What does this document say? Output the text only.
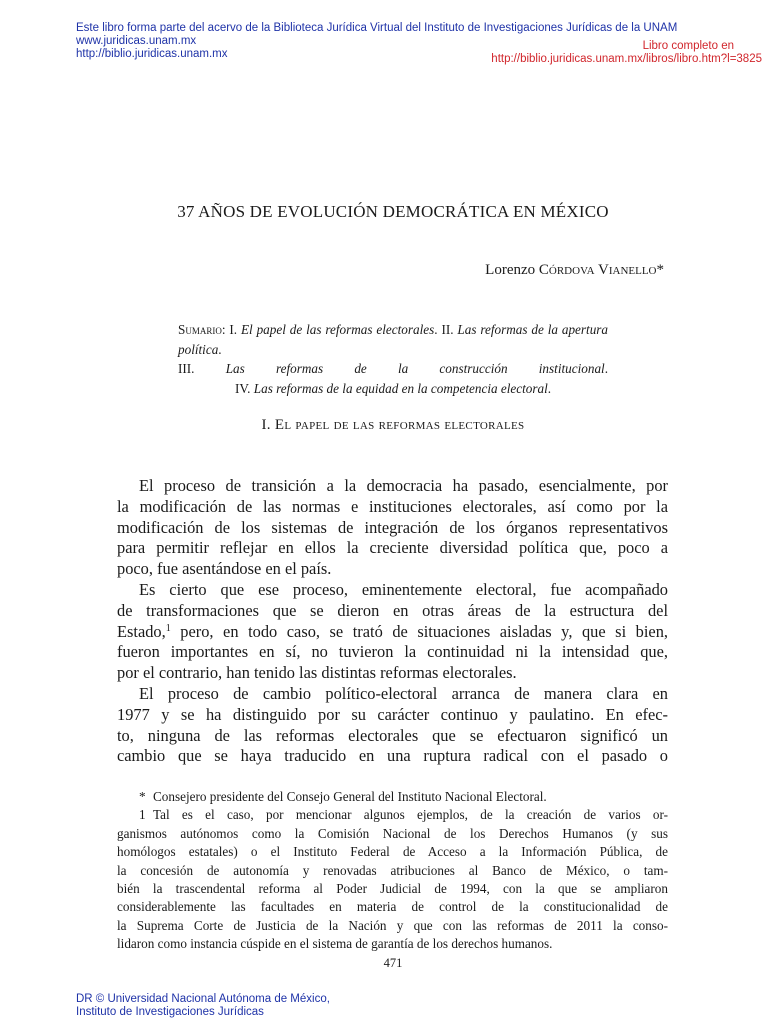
Este libro forma parte del acervo de la Biblioteca Jurídica Virtual del Instituto de Investigaciones Jurídicas de la UNAM
www.juridicas.unam.mx
http://biblio.juridicas.unam.mx
Libro completo en
http://biblio.juridicas.unam.mx/libros/libro.htm?l=3825
37 AÑOS DE EVOLUCIÓN DEMOCRÁTICA EN MÉXICO
Lorenzo Córdova Vianello*
Sumario: I. El papel de las reformas electorales. II. Las reformas de la apertura política.
III. Las reformas de la construcción institucional.
IV. Las reformas de la equidad en la competencia electoral.
I. El papel de las reformas electorales
El proceso de transición a la democracia ha pasado, esencialmente, por
la modificación de las normas e instituciones electorales, así como por la
modificación de los sistemas de integración de los órganos representativos
para permitir reflejar en ellos la creciente diversidad política que, poco a
poco, fue asentándose en el país.
Es cierto que ese proceso, eminentemente electoral, fue acompañado
de transformaciones que se dieron en otras áreas de la estructura del
Estado,$^1$ pero, en todo caso, se trató de situaciones aisladas y, que si bien,
fueron importantes en sí, no tuvieron la continuidad ni la intensidad que,
por el contrario, han tenido las distintas reformas electorales.
El proceso de cambio político-electoral arranca de manera clara en
1977 y se ha distinguido por su carácter continuo y paulatino. En efec-
to, ninguna de las reformas electorales que se efectuaron significó un
cambio que se haya traducido en una ruptura radical con el pasado o
* Consejero presidente del Consejo General del Instituto Nacional Electoral.
1 Tal es el caso, por mencionar algunos ejemplos, de la creación de varios or-
ganismos autónomos como la Comisión Nacional de los Derechos Humanos (y sus
homólogos estatales) o el Instituto Federal de Acceso a la Información Pública, de
la concesión de autonomía y renovadas atribuciones al Banco de México, o tam-
bién la trascendental reforma al Poder Judicial de 1994, con la que se ampliaron
considerablemente las facultades en materia de control de la constitucionalidad de
la Suprema Corte de Justicia de la Nación y que con las reformas de 2011 la conso-
lidaron como instancia cúspide en el sistema de garantía de los derechos humanos.
471
DR © Universidad Nacional Autónoma de México,
Instituto de Investigaciones Jurídicas
